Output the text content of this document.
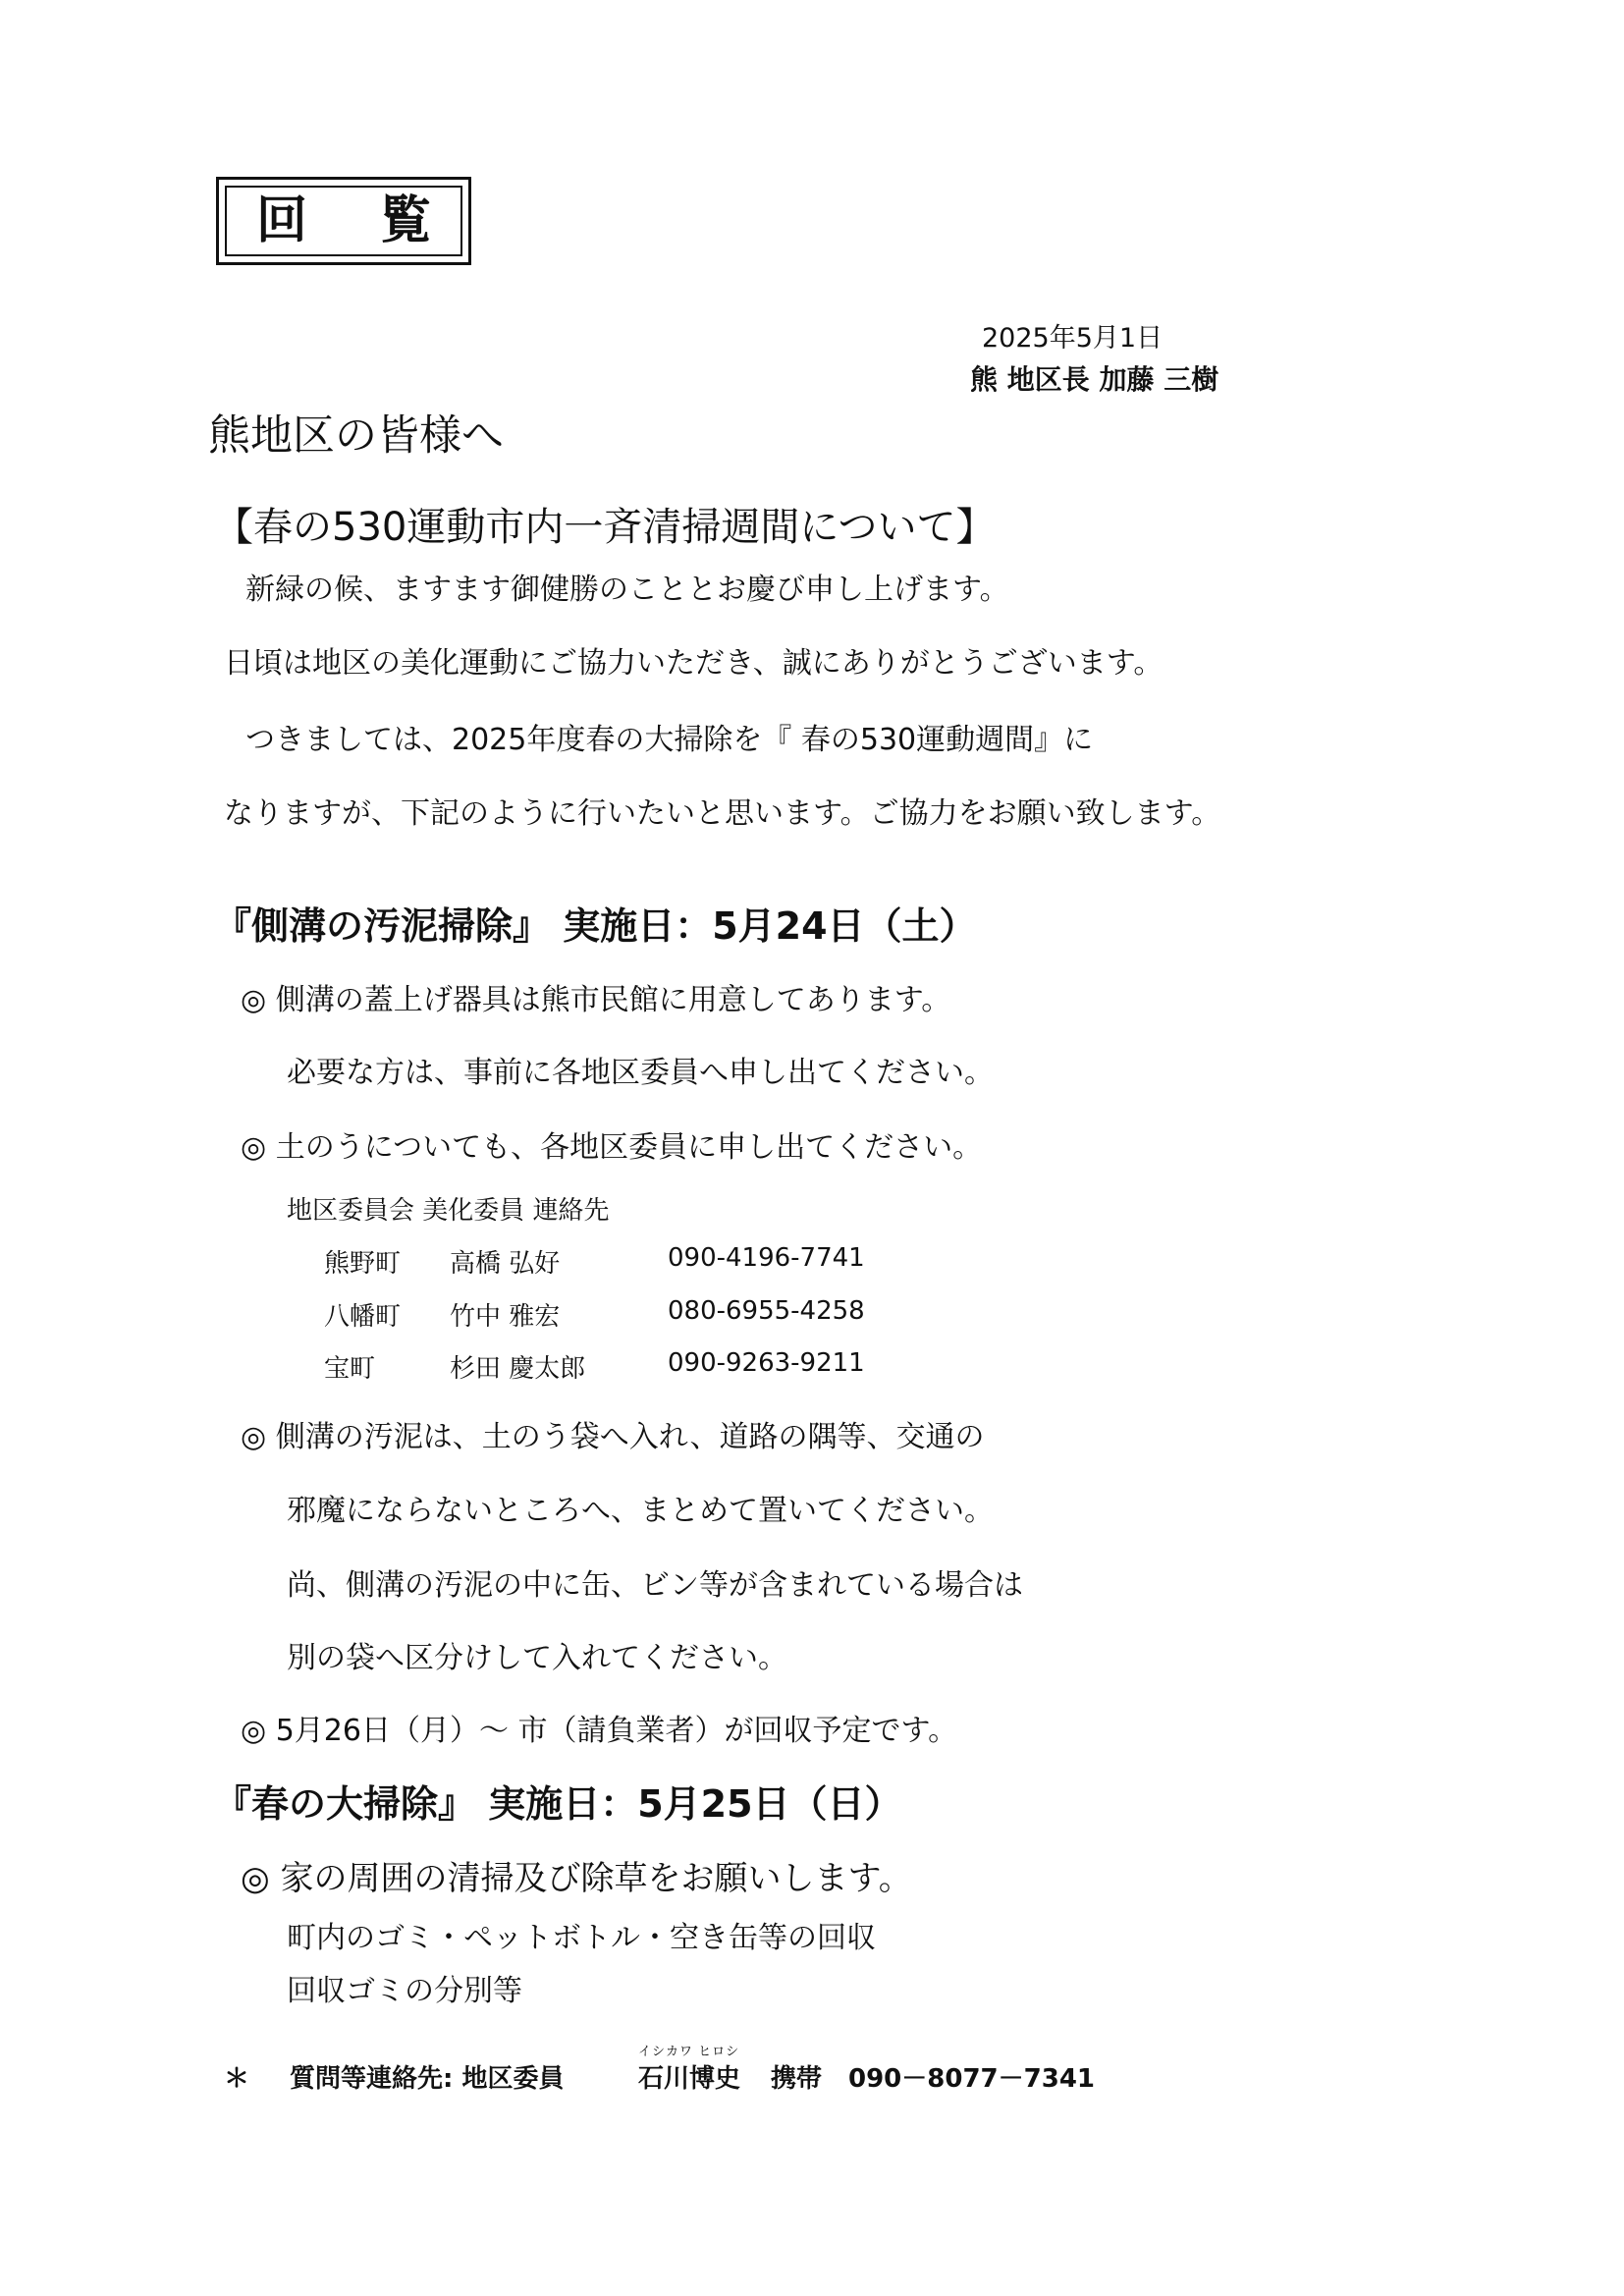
回 覧
2025年5月1日
熊 地区長 加藤 三樹
熊地区の皆様へ
【春の530運動市内一斉清掃週間について】
新緑の候、ますます御健勝のこととお慶び申し上げます。
日頃は地区の美化運動にご協力いただき、誠にありがとうございます。
つきましては、2025年度春の大掃除を『 春の530運動週間』に
なりますが、下記のように行いたいと思います。ご協力をお願い致します。
『側溝の汚泥掃除』 実施日：5月24日（土）
◎ 側溝の蓋上げ器具は熊市民館に用意してあります。
必要な方は、事前に各地区委員へ申し出てください。
◎ 土のうについても、各地区委員に申し出てください。
地区委員会 美化委員 連絡先
熊野町 高橋 弘好	090-4196-7741
八幡町 竹中 雅宏	080-6955-4258
宝町	杉田 慶太郎	090-9263-9211
◎ 側溝の汚泥は、土のう袋へ入れ、道路の隅等、交通の
邪魔にならないところへ、まとめて置いてください。
尚、側溝の汚泥の中に缶、ビン等が含まれている場合は
別の袋へ区分けして入れてください。
◎ 5月26日（月）～ 市（請負業者）が回収予定です。
『春の大掃除』 実施日：5月25日（日）
◎ 家の周囲の清掃及び除草をお願いします。
町内のゴミ・ペットボトル・空き缶等の回収
回収ゴミの分別等
＊ 質問等連絡先: 地区委員
イシカワ ヒロシ
石川博史 携帯 090－8077－7341
